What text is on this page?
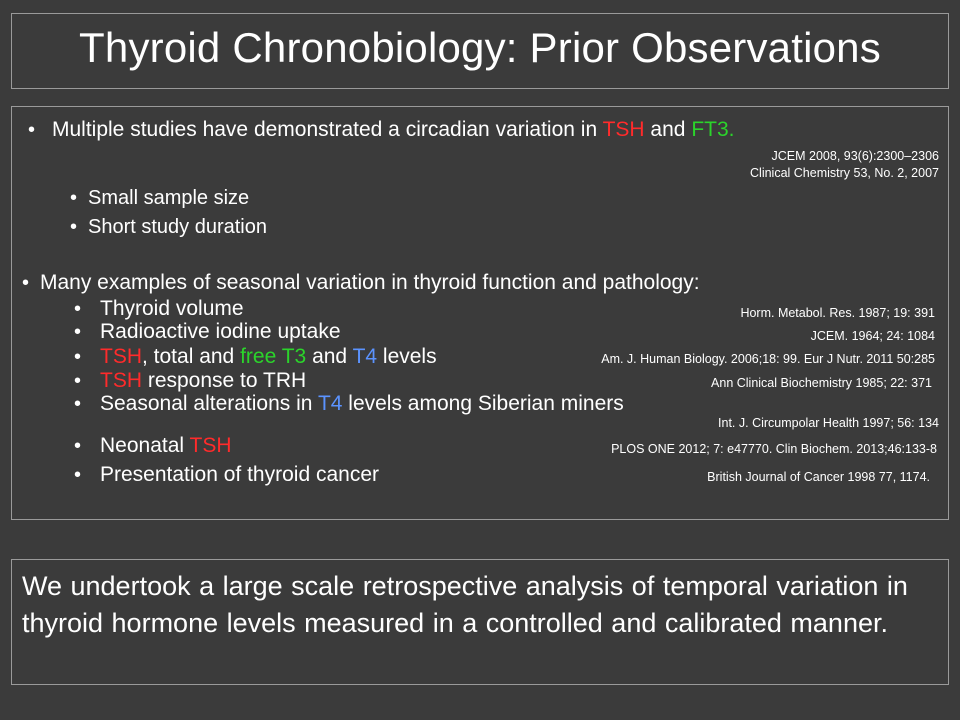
Thyroid Chronobiology: Prior Observations
• Multiple studies have demonstrated a circadian variation in TSH and FT3.
JCEM 2008, 93(6):2300–2306
Clinical Chemistry 53, No. 2, 2007
• Small sample size
• Short study duration
• Many examples of seasonal variation in thyroid function and pathology:
• Thyroid volume	Horm. Metabol. Res. 1987; 19: 391
• Radioactive iodine uptake	JCEM. 1964; 24: 1084
• TSH, total and free T3 and T4 levels	Am. J. Human Biology. 2006;18: 99. Eur J Nutr. 2011 50:285
• TSH response to TRH	Ann Clinical Biochemistry 1985; 22: 371
• Seasonal alterations in T4 levels among Siberian miners
Int. J. Circumpolar Health 1997; 56: 134
• Neonatal TSH	PLOS ONE 2012; 7: e47770. Clin Biochem. 2013;46:133-8
• Presentation of thyroid cancer	British Journal of Cancer 1998 77, 1174.
We undertook a large scale retrospective analysis of temporal variation in thyroid hormone levels measured in a controlled and calibrated manner.
